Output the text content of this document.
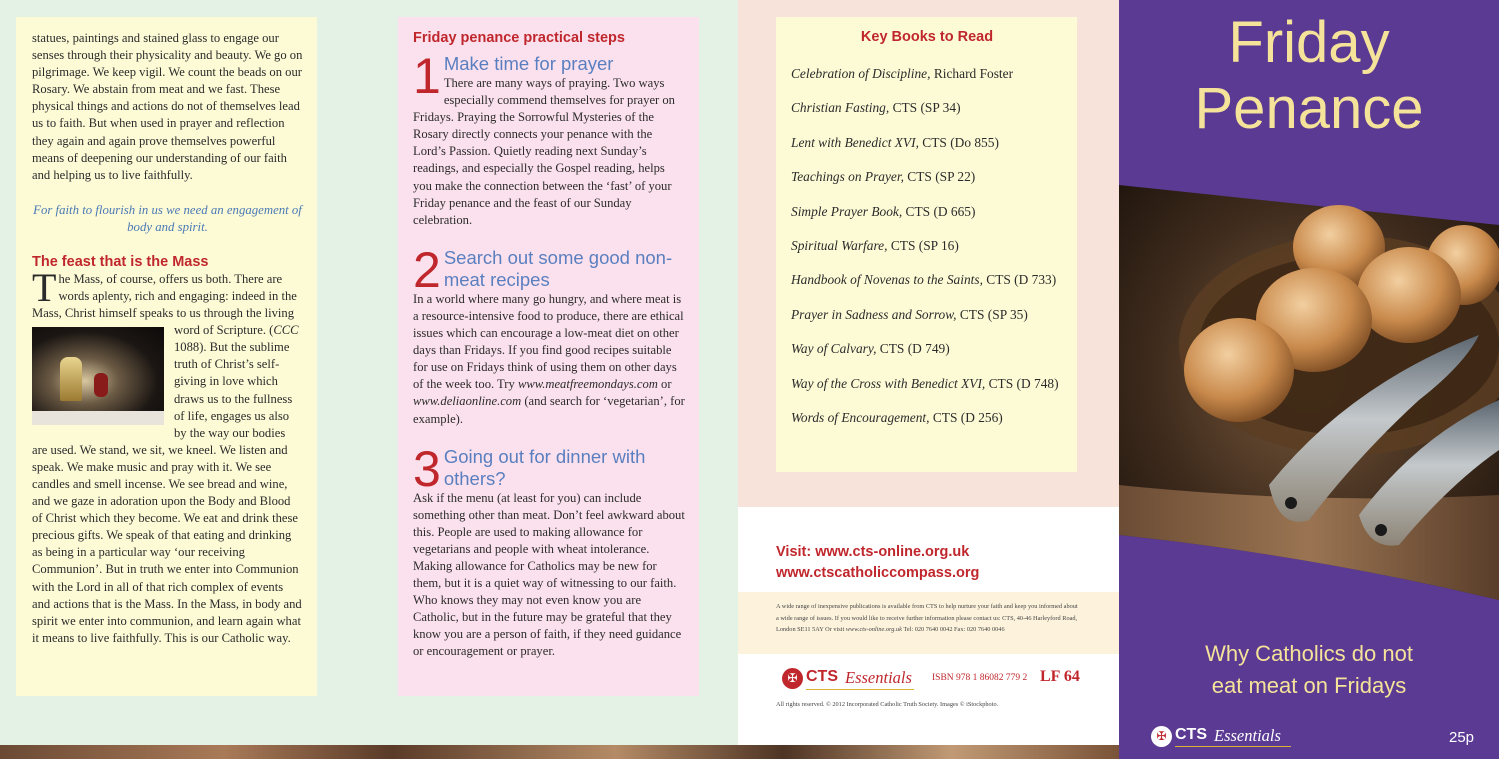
statues, paintings and stained glass to engage our senses through their physicality and beauty. We go on pilgrimage. We keep vigil. We count the beads on our Rosary. We abstain from meat and we fast. These physical things and actions do not of themselves lead us to faith. But when used in prayer and reflection they again and again prove themselves powerful means of deepening our understanding of our faith and helping us to live faithfully.

For faith to flourish in us we need an engagement of body and spirit.

The feast that is the Mass
The Mass, of course, offers us both. There are words aplenty, rich and engaging: indeed in the Mass, Christ himself speaks to us through the living word of Scripture. (CCC
1088). But the sublime truth of Christ’s self-giving in love which draws us to the fullness of life, engages us also by the way our bodies are used. We stand, we sit, we kneel. We listen and speak. We make music and pray with it. We see candles and smell incense. We see bread and wine, and we gaze in adoration upon the Body and Blood of Christ which they become. We eat and drink these precious gifts. We speak of that eating and drinking as being in a particular way ‘our receiving Communion’. But in truth we enter into Communion with the Lord in all of that rich complex of events and actions that is the Mass. In the Mass, in body and spirit we enter into communion, and learn again what it means to live faithfully. This is our Catholic way.
Friday penance practical steps
1 Make time for prayer

There are many ways of praying. Two ways especially commend themselves for prayer on Fridays. Praying the Sorrowful Mysteries of the Rosary directly connects your penance with the Lord’s Passion. Quietly reading next Sunday’s readings, and especially the Gospel reading, helps you make the connection between the ‘fast’ of your Friday penance and the feast of our Sunday celebration.

2 Search out some good non-meat recipes

In a world where many go hungry, and where meat is a resource-intensive food to produce, there are ethical issues which can encourage a low-meat diet on other days than Fridays. If you find good recipes suitable for use on Fridays think of using them on other days of the week too. Try www.meatfreemondays.com or www.deliaonline.com (and search for ‘vegetarian’, for example).

3 Going out for dinner with others?

Ask if the menu (at least for you) can include something other than meat. Don’t feel awkward about this. People are used to making allowance for vegetarians and people with wheat intolerance. Making allowance for Catholics may be new for them, but it is a quiet way of witnessing to our faith. Who knows they may not even know you are Catholic, but in the future may be grateful that they know you are a person of faith, if they need guidance or encouragement or prayer.

Key Books to Read

Celebration of Discipline, Richard Foster

Christian Fasting, CTS (SP 34)

Lent with Benedict XVI, CTS (Do 855)

Teachings on Prayer, CTS (SP 22)

Simple Prayer Book, CTS (D 665)

Spiritual Warfare, CTS (SP 16)

Handbook of Novenas to the Saints, CTS (D 733)

Prayer in Sadness and Sorrow, CTS (SP 35)

Way of Calvary, CTS (D 749)

Way of the Cross with Benedict XVI, CTS (D 748)

Words of Encouragement, CTS (D 256)

Visit: www.cts-online.org.uk
www.ctscatholiccompass.org
A wide range of inexpensive publications is available from CTS to help nurture your faith and keep you informed about a wide range of issues. If you would like to receive further information please contact us: CTS, 40-46 Harleyford Road, London SE11 5AY Or visit www.cts-online.org.uk Tel: 020 7640 0042 Fax: 020 7640 0046
✠ CTS Essentials ISBN 978 1 86082 779 2 LF 64
All rights reserved. © 2012 Incorporated Catholic Truth Society. Images © iStockphoto.
Friday
Penance
Why Catholics do not
eat meat on Fridays
✠ CTS Essentials	25p
